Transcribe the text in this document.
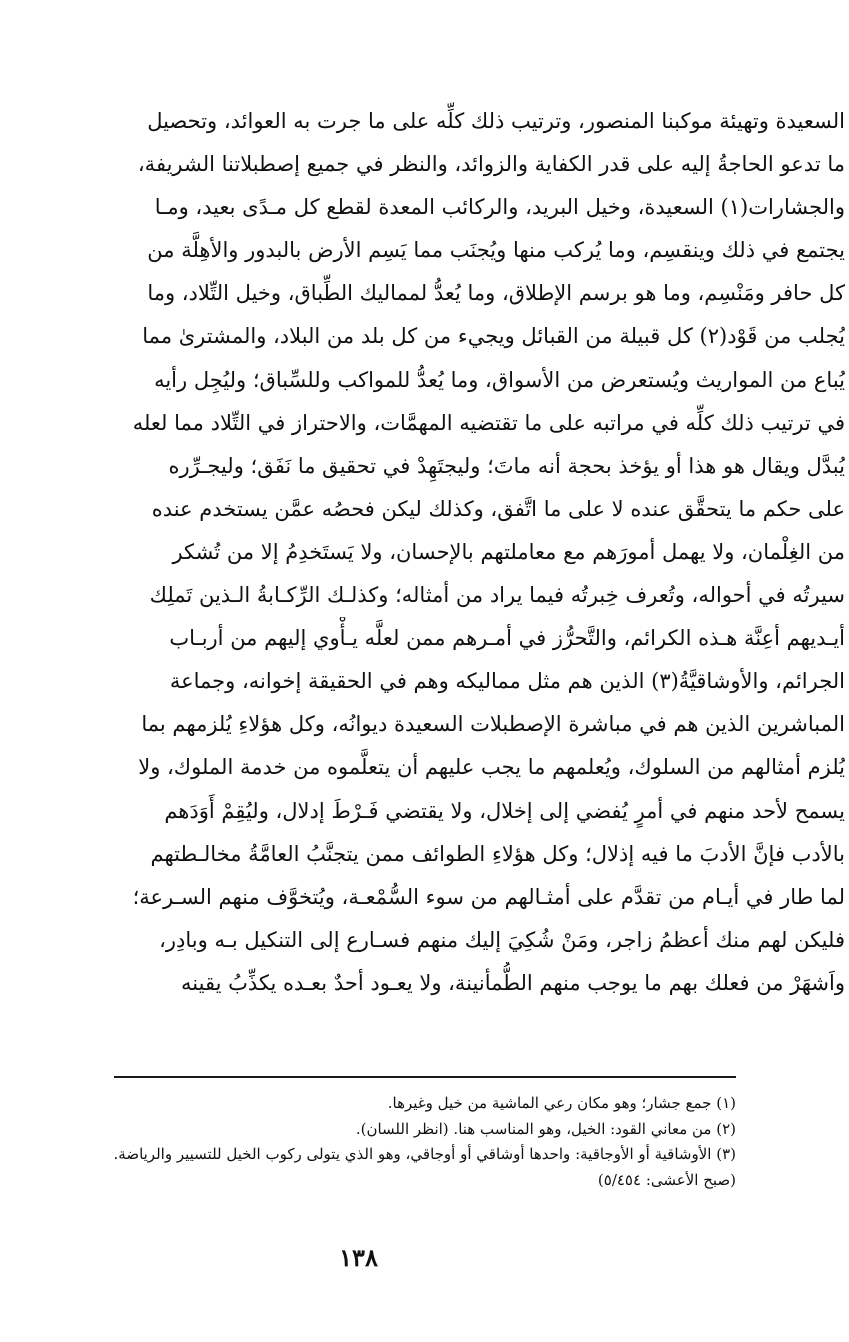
السعيدة وتهيئة موكبنا المنصور، وترتيب ذلك كلِّه على ما جرت به العوائد، وتحصيل
ما تدعو الحاجةُ إليه على قدر الكفاية والزوائد، والنظر في جميع إصطبلاتنا الشريفة،
والجشارات(١) السعيدة، وخيل البريد، والركائب المعدة لقطع كل مـدًى بعيد، ومـا
يجتمع في ذلك وينقسِم، وما يُركب منها ويُجنَب مما يَسِم الأرض بالبدور والأهِلَّة من
كل حافر ومَنْسِم، وما هو برسم الإطلاق، وما يُعدُّ لمماليك الطِّباق، وخيل التِّلاد، وما
يُجلب من قَوْد(٢) كل قبيلة من القبائل ويجيء من كل بلد من البلاد، والمشترىٰ مما
يُباع من المواريث ويُستعرض من الأسواق، وما يُعدُّ للمواكب وللسِّباق؛ وليُجِل رأيه
في ترتيب ذلك كلِّه في مراتبه على ما تقتضيه المهمَّات، والاحتراز في التِّلاد مما لعله
يُبدَّل ويقال هو هذا أو يؤخذ بحجة أنه ماتَ؛ وليجتَهِدْ في تحقيق ما نَفَق؛ وليجـرِّره
على حكم ما يتحقَّق عنده لا على ما اتَّفق، وكذلك ليكن فحصُه عمَّن يستخدم عنده
من الغِلْمان، ولا يهمل أمورَهم مع معاملتهم بالإحسان، ولا يَستَخدِمُ إلا من تُشكر
سيرتُه في أحواله، وتُعرف خِبرتُه فيما يراد من أمثاله؛ وكذلـك الرِّكـابةُ الـذين تَملِك
أيـديهم أعِنَّة هـذه الكرائم، والتَّحرُّز في أمـرهم ممن لعلَّه يـأْوي إليهم من أربـاب
الجرائم، والأوشاقيَّةُ(٣) الذين هم مثل مماليكه وهم في الحقيقة إخوانه، وجماعة
المباشرين الذين هم في مباشرة الإصطبلات السعيدة ديوانُه، وكل هؤلاءِ يُلزمهم بما
يُلزم أمثالهم من السلوك، ويُعلمهم ما يجب عليهم أن يتعلَّموه من خدمة الملوك، ولا
يسمح لأحد منهم في أمرٍ يُفضي إلى إخلال، ولا يقتضي فَـرْطَ إدلال، وليُقِمْ أَوَدَهم
بالأدب فإنَّ الأدبَ ما فيه إذلال؛ وكل هؤلاءِ الطوائف ممن يتجنَّبُ العامَّةُ مخالـطتهم
لما طار في أيـام من تقدَّم على أمثـالهم من سوء السُّمْعـة، ويُتخوَّف منهم السـرعة؛
فليكن لهم منك أعظمُ زاجر، ومَنْ شُكِيَ إليك منهم فسـارع إلى التنكيل بـه وبادِر،
واَشهَرْ من فعلك بهم ما يوجب منهم الطُّمأنينة، ولا يعـود أحدٌ بعـده يكذِّبُ يقينه
(١) جمع جشار؛ وهو مكان رعي الماشية من خيل وغيرها.
(٢) من معاني القود: الخيل، وهو المناسب هنا. (انظر اللسان).
(٣) الأوشاقية أو الأوجاقية: واحدها أوشاقي أو أوجاقي، وهو الذي يتولى ركوب الخيل للتسيير والرياضة.
(صبح الأعشى: ٥/٤٥٤)
١٣٨
